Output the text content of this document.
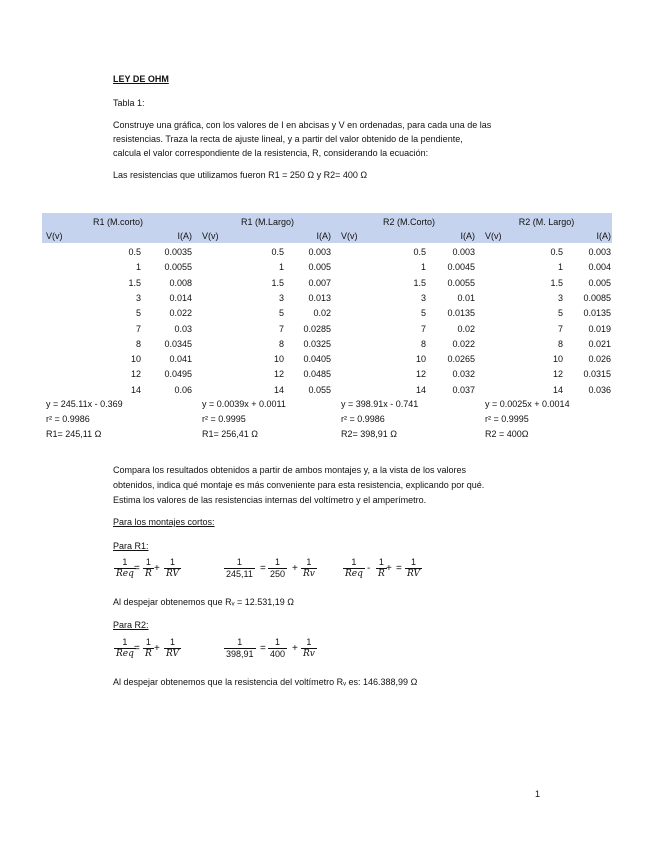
LEY DE OHM
Tabla 1:
Construye una gráfica, con los valores de I en abcisas y V en ordenadas, para cada una de las
resistencias. Traza la recta de ajuste lineal, y a partir del valor obtenido de la pendiente,
calcula el valor correspondiente de la resistencia, R, considerando la ecuación:
Las resistencias que utilizamos fueron R1 = 250 Ω y R2= 400 Ω
R1 (M.corto)
V(v)	I(A)
0.5	0.0035
1	0.0055
1.5	0.008
3	0.014
5	0.022
7	0.03
8	0.0345
10	0.041
12	0.0495
14	0.06
y = 245.11x - 0.369
r² = 0.9986
R1= 245,11 Ω
R1 (M.Largo)
V(v)	I(A)
0.5	0.003
1	0.005
1.5	0.007
3	0.013
5	0.02
7	0.0285
8	0.0325
10	0.0405
12	0.0485
14	0.055
y = 0.0039x + 0.0011
r² = 0.9995
R1= 256,41 Ω
R2 (M.Corto)
V(v)	I(A)
0.5	0.003
1	0.0045
1.5	0.0055
3	0.01
5	0.0135
7	0.02
8	0.022
10	0.0265
12	0.032
14	0.037
y = 398.91x - 0.741
r² = 0.9986
R2= 398,91 Ω
R2 (M. Largo)
V(v)	I(A)
0.5	0.003
1	0.004
1.5	0.005
3	0.0085
5	0.0135
7	0.019
8	0.021
10	0.026
12	0.0315
14	0.036
y = 0.0025x + 0.0014
r² = 0.9995
R2 = 400Ω
Compara los resultados obtenidos a partir de ambos montajes y, a la vista de los valores
obtenidos, indica qué montaje es más conveniente para esta resistencia, explicando por qué.
Estima los valores de las resistencias internas del voltímetro y el amperímetro.
Para los montajes cortos:
Para R1:
1
Req =
1
R +
1
RV
1
245,11 =
1
250 +
1
Rv
1
Req -
1
R + =
1
RV
Al despejar obtenemos que Rᵥ = 12.531,19 Ω
Para R2:
1
Req =
1
R +
1
RV
1
398,91 =
1
400 +
1
Rv
Al despejar obtenemos que la resistencia del voltímetro Rᵥ es: 146.388,99 Ω
1
